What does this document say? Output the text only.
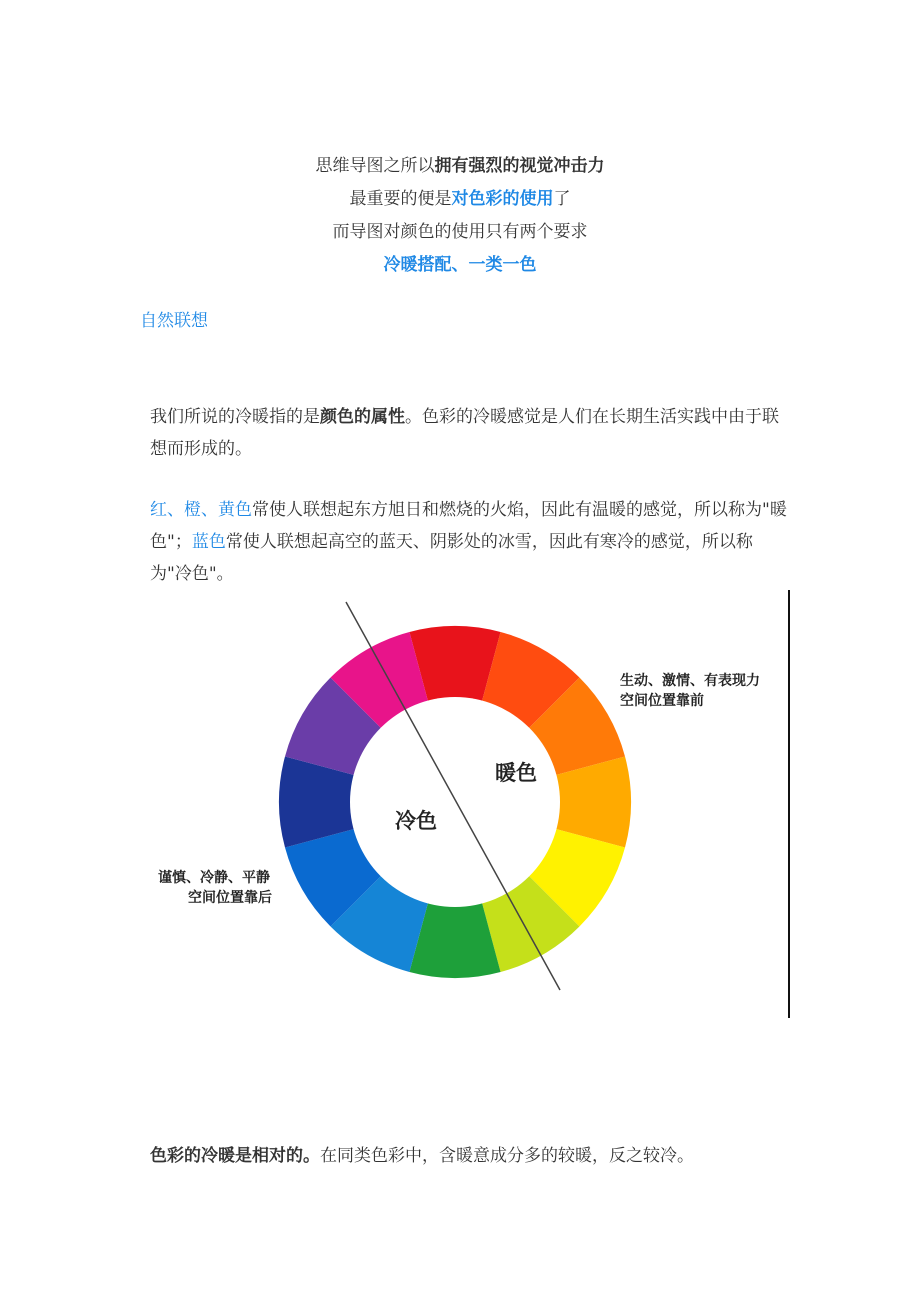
思维导图之所以拥有强烈的视觉冲击力
最重要的便是对色彩的使用了
而导图对颜色的使用只有两个要求
冷暖搭配、一类一色
自然联想
我们所说的冷暖指的是颜色的属性。色彩的冷暖感觉是人们在长期生活实践中由于联想而形成的。
红、橙、黄色常使人联想起东方旭日和燃烧的火焰，因此有温暖的感觉，所以称为"暖色"；蓝色常使人联想起高空的蓝天、阴影处的冰雪，因此有寒冷的感觉，所以称为"冷色"。
暖色
冷色
生动、激情、有表现力
空间位置靠前
谨慎、冷静、平静
空间位置靠后
色彩的冷暖是相对的。在同类色彩中，含暖意成分多的较暖，反之较冷。
